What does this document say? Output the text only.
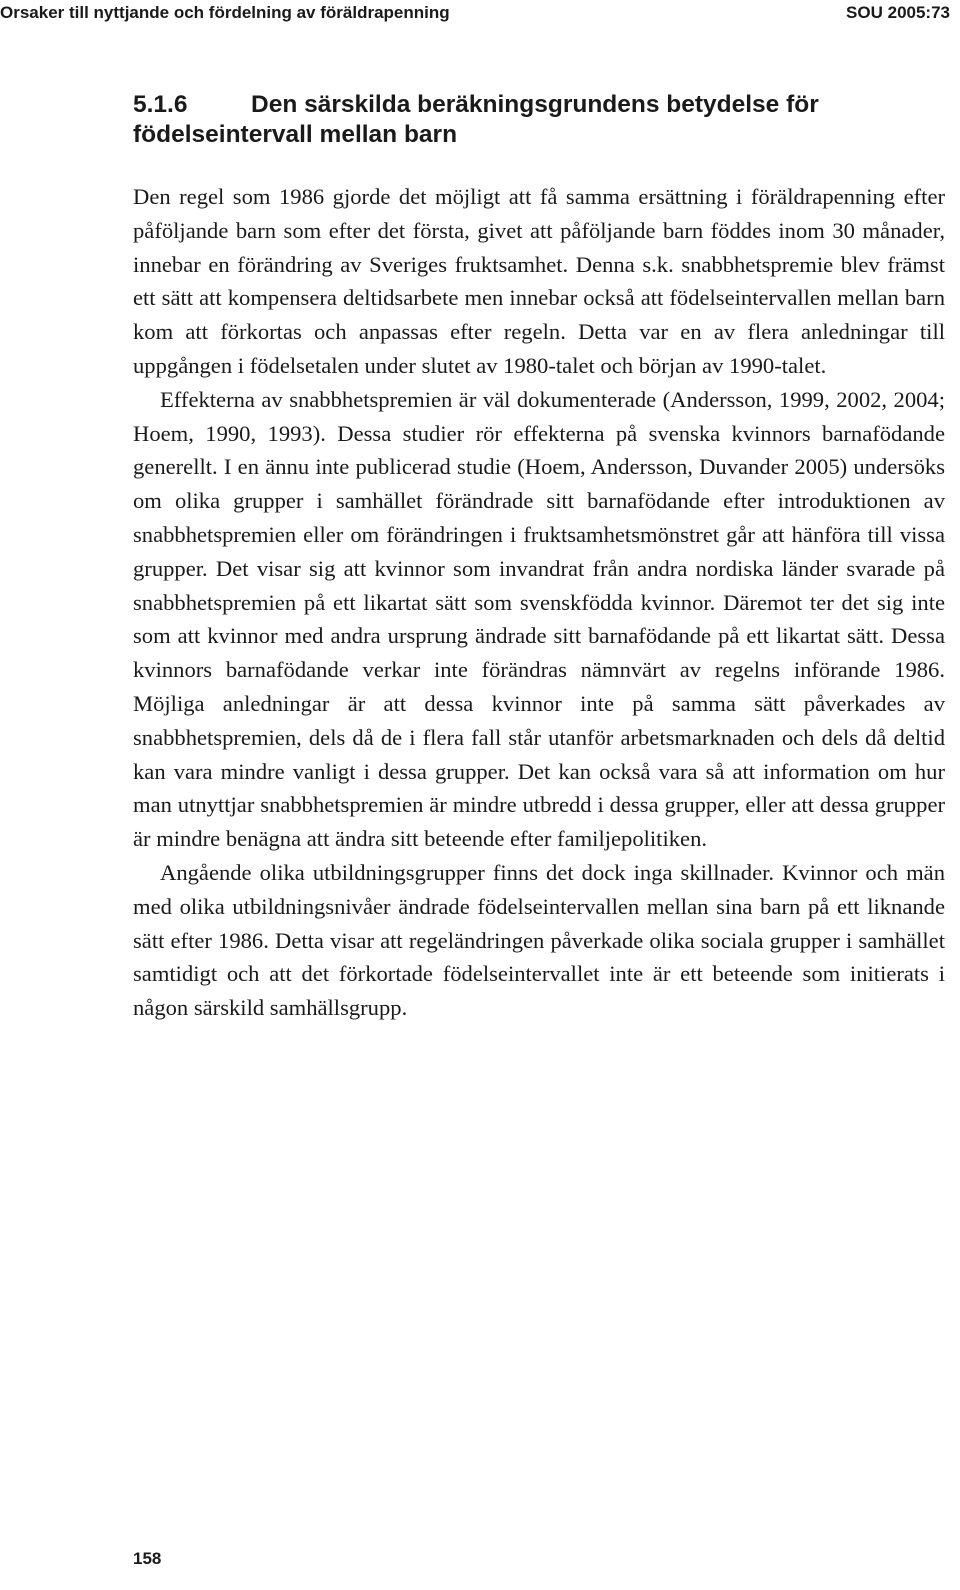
Orsaker till nyttjande och fördelning av föräldrapenning	SOU 2005:73
5.1.6	Den särskilda beräkningsgrundens betydelse för
födelseintervall mellan barn

Den regel som 1986 gjorde det möjligt att få samma ersättning i föräldrapenning efter påföljande barn som efter det första, givet att påföljande barn föddes inom 30 månader, innebar en förändring av Sveriges fruktsamhet. Denna s.k. snabbhetspremie blev främst ett sätt att kompensera deltidsarbete men innebar också att födelseintervallen mellan barn kom att förkortas och anpassas efter regeln. Detta var en av flera anledningar till uppgången i födelsetalen under slutet av 1980-talet och början av 1990-talet.

Effekterna av snabbhetspremien är väl dokumenterade (Andersson, 1999, 2002, 2004; Hoem, 1990, 1993). Dessa studier rör effekterna på svenska kvinnors barnafödande generellt. I en ännu inte publicerad studie (Hoem, Andersson, Duvander 2005) undersöks om olika grupper i samhället förändrade sitt barnafödande efter introduktionen av snabbhetspremien eller om förändringen i fruktsamhetsmönstret går att hänföra till vissa grupper. Det visar sig att kvinnor som invandrat från andra nordiska länder svarade på snabbhetspremien på ett likartat sätt som svenskfödda kvinnor. Däremot ter det sig inte som att kvinnor med andra ursprung ändrade sitt barnafödande på ett likartat sätt. Dessa kvinnors barnafödande verkar inte förändras nämnvärt av regelns införande 1986. Möjliga anledningar är att dessa kvinnor inte på samma sätt påverkades av snabbhetspremien, dels då de i flera fall står utanför arbetsmarknaden och dels då deltid kan vara mindre vanligt i dessa grupper. Det kan också vara så att information om hur man utnyttjar snabbhetspremien är mindre utbredd i dessa grupper, eller att dessa grupper är mindre benägna att ändra sitt beteende efter familjepolitiken.

Angående olika utbildningsgrupper finns det dock inga skillnader. Kvinnor och män med olika utbildningsnivåer ändrade födelseintervallen mellan sina barn på ett liknande sätt efter 1986. Detta visar att regeländringen påverkade olika sociala grupper i samhället samtidigt och att det förkortade födelseintervallet inte är ett beteende som initierats i någon särskild samhällsgrupp.

158
